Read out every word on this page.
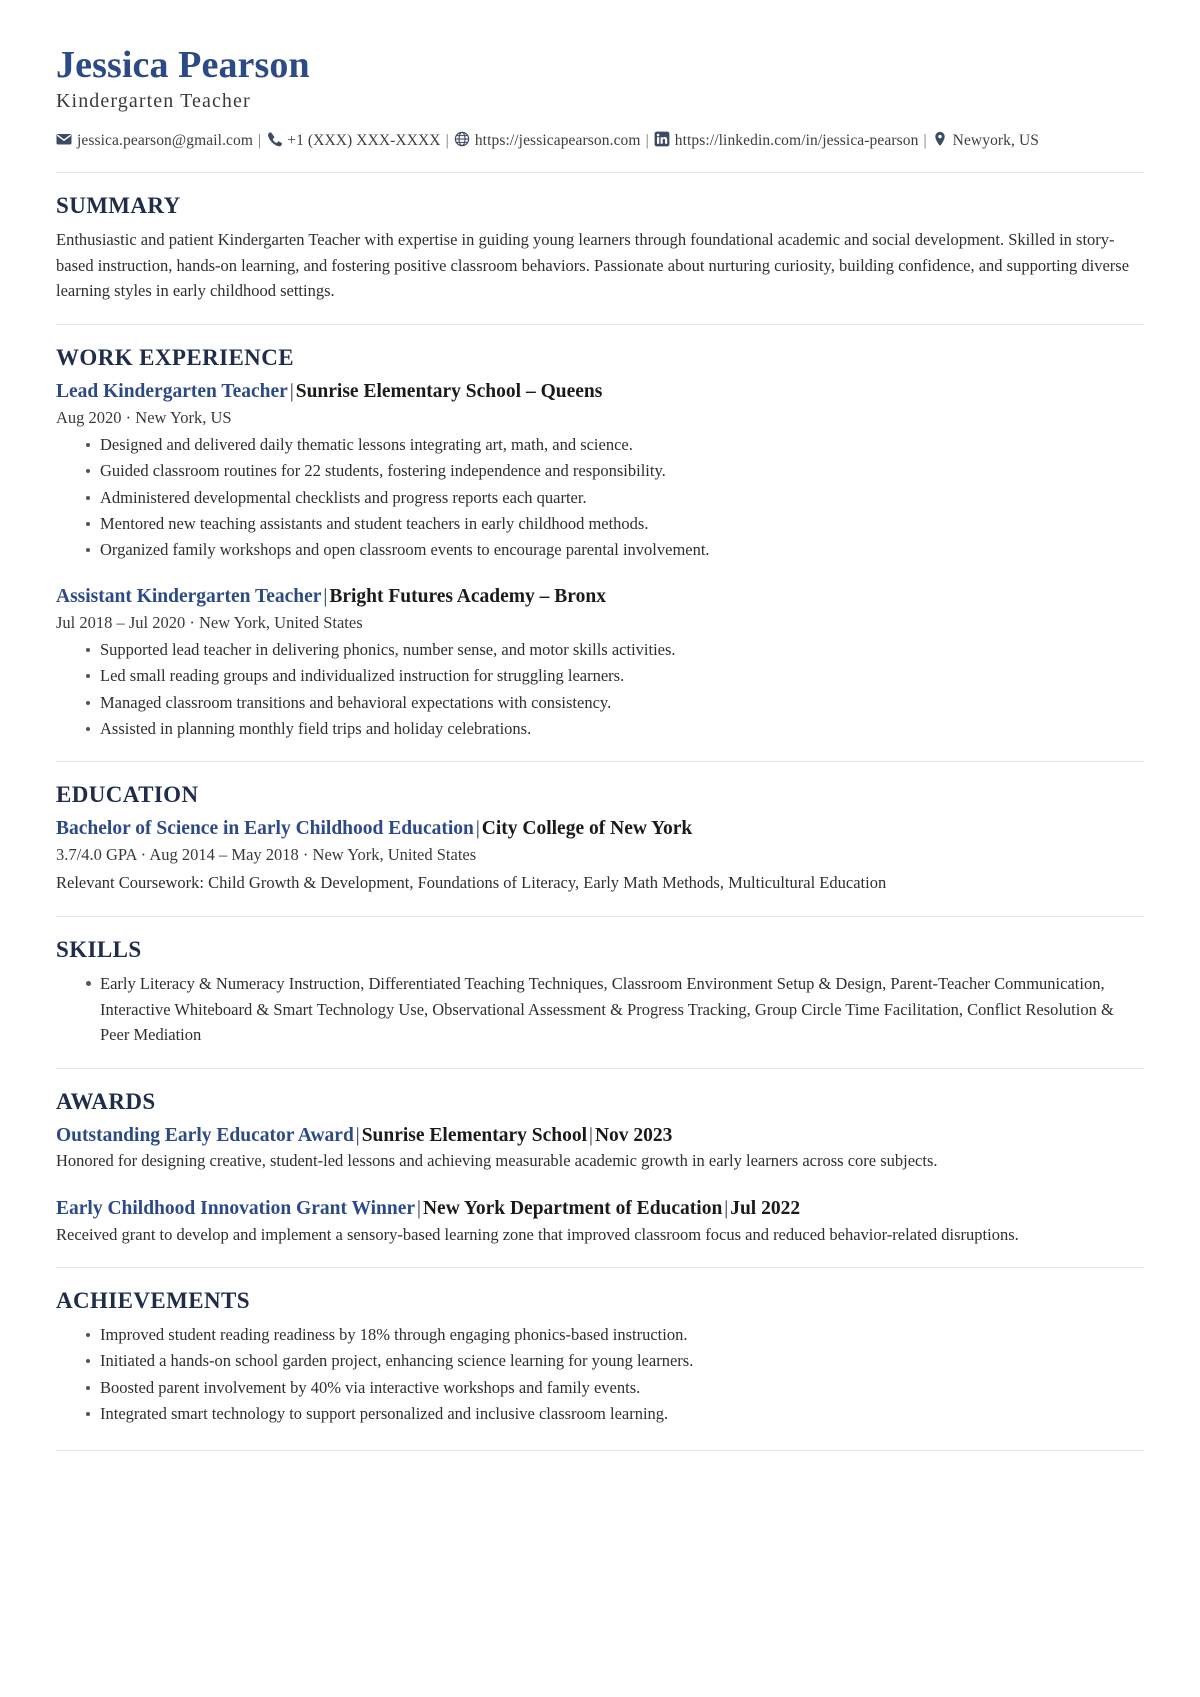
Jessica Pearson
Kindergarten Teacher
jessica.pearson@gmail.com | +1 (XXX) XXX-XXXX | https://jessicapearson.com | https://linkedin.com/in/jessica-pearson | Newyork, US
SUMMARY

Enthusiastic and patient Kindergarten Teacher with expertise in guiding young learners through foundational academic and social development. Skilled in story-based instruction, hands-on learning, and fostering positive classroom behaviors. Passionate about nurturing curiosity, building confidence, and supporting diverse learning styles in early childhood settings.

WORK EXPERIENCE

Lead Kindergarten Teacher | Sunrise Elementary School – Queens

Aug 2020 · New York, US

Designed and delivered daily thematic lessons integrating art, math, and science.
Guided classroom routines for 22 students, fostering independence and responsibility.
Administered developmental checklists and progress reports each quarter.
Mentored new teaching assistants and student teachers in early childhood methods.
Organized family workshops and open classroom events to encourage parental involvement.

Assistant Kindergarten Teacher | Bright Futures Academy – Bronx

Jul 2018 – Jul 2020 · New York, United States

Supported lead teacher in delivering phonics, number sense, and motor skills activities.
Led small reading groups and individualized instruction for struggling learners.
Managed classroom transitions and behavioral expectations with consistency.
Assisted in planning monthly field trips and holiday celebrations.
EDUCATION

Bachelor of Science in Early Childhood Education | City College of New York

3.7/4.0 GPA · Aug 2014 – May 2018 · New York, United States

Relevant Coursework: Child Growth & Development, Foundations of Literacy, Early Math Methods, Multicultural Education

SKILLS
Early Literacy & Numeracy Instruction, Differentiated Teaching Techniques, Classroom Environment Setup & Design, Parent-Teacher Communication, Interactive Whiteboard & Smart Technology Use, Observational Assessment & Progress Tracking, Group Circle Time Facilitation, Conflict Resolution & Peer Mediation
AWARDS

Outstanding Early Educator Award | Sunrise Elementary School | Nov 2023

Honored for designing creative, student-led lessons and achieving measurable academic growth in early learners across core subjects.

Early Childhood Innovation Grant Winner | New York Department of Education | Jul 2022

Received grant to develop and implement a sensory-based learning zone that improved classroom focus and reduced behavior-related disruptions.

ACHIEVEMENTS
Improved student reading readiness by 18% through engaging phonics-based instruction.
Initiated a hands-on school garden project, enhancing science learning for young learners.
Boosted parent involvement by 40% via interactive workshops and family events.
Integrated smart technology to support personalized and inclusive classroom learning.
